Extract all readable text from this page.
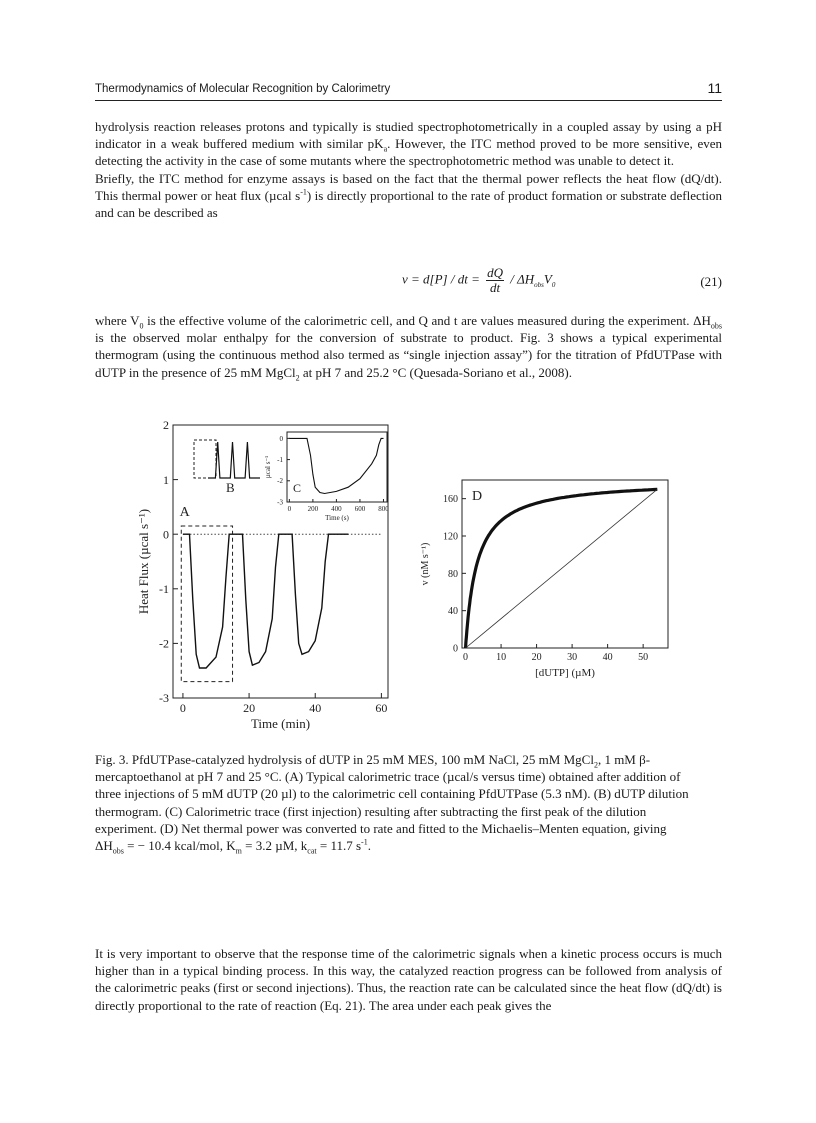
Thermodynamics of Molecular Recognition by Calorimetry	11

hydrolysis reaction releases protons and typically is studied spectrophotometrically in a coupled assay by using a pH indicator in a weak buffered medium with similar $pK_a$. However, the ITC method proved to be more sensitive, even detecting the activity in the case of some mutants where the spectrophotometric method was unable to detect it.
Briefly, the ITC method for enzyme assays is based on the fact that the thermal power reflects the heat flow (dQ/dt). This thermal power or heat flux (µcal $s^{-1}$) is directly proportional to the rate of product formation or substrate deflection and can be described as

v = d[P] / dt = $\frac{dQ}{dt} / \Delta H_{obs}V_0$	(21)

where $V_0$ is the effective volume of the calorimetric cell, and Q and t are values measured during the experiment. $\Delta H_{obs}$ is the observed molar enthalpy for the conversion of substrate to product. Fig. 3 shows a typical experimental thermogram (using the continuous method also termed as “single injection assay”) for the titration of PfdUTPase with dUTP in the presence of 25 mM MgCl$_2$ at pH 7 and 25.2 °C (Quesada-Soriano et al., 2008).

0	20	40	60
-3
-2
-1
0
1
2
A
Time (min)
Heat Flux (µcal s⁻¹)
B
0 200 400 600 800
-3
-2
-1
0
C
Time (s)
µcal s⁻¹
0	10	20	30	40	50
0
40
80
120
160 D
[dUTP] (µM)
v (nM s⁻¹)

Fig. 3. PfdUTPase-catalyzed hydrolysis of dUTP in 25 mM MES, 100 mM NaCl, 25 mM MgCl$_2$, 1 mM β-mercaptoethanol at pH 7 and 25 °C. (A) Typical calorimetric trace (µcal/s versus time) obtained after addition of three injections of 5 mM dUTP (20 µl) to the calorimetric cell containing PfdUTPase (5.3 nM). (B) dUTP dilution thermogram. (C) Calorimetric trace (first injection) resulting after subtracting the first peak of the dilution experiment. (D) Net thermal power was converted to rate and fitted to the Michaelis–Menten equation, giving $\Delta H_{obs}$ = − 10.4 kcal/mol, $K_m = 3.2$ µM, $k_{cat} = 11.7$ $s^{-1}$.

It is very important to observe that the response time of the calorimetric signals when a kinetic process occurs is much higher than in a typical binding process. In this way, the catalyzed reaction progress can be followed from analysis of the calorimetric peaks (first or second injections). Thus, the reaction rate can be calculated since the heat flow (dQ/dt) is directly proportional to the rate of reaction (Eq. 21). The area under each peak gives the
